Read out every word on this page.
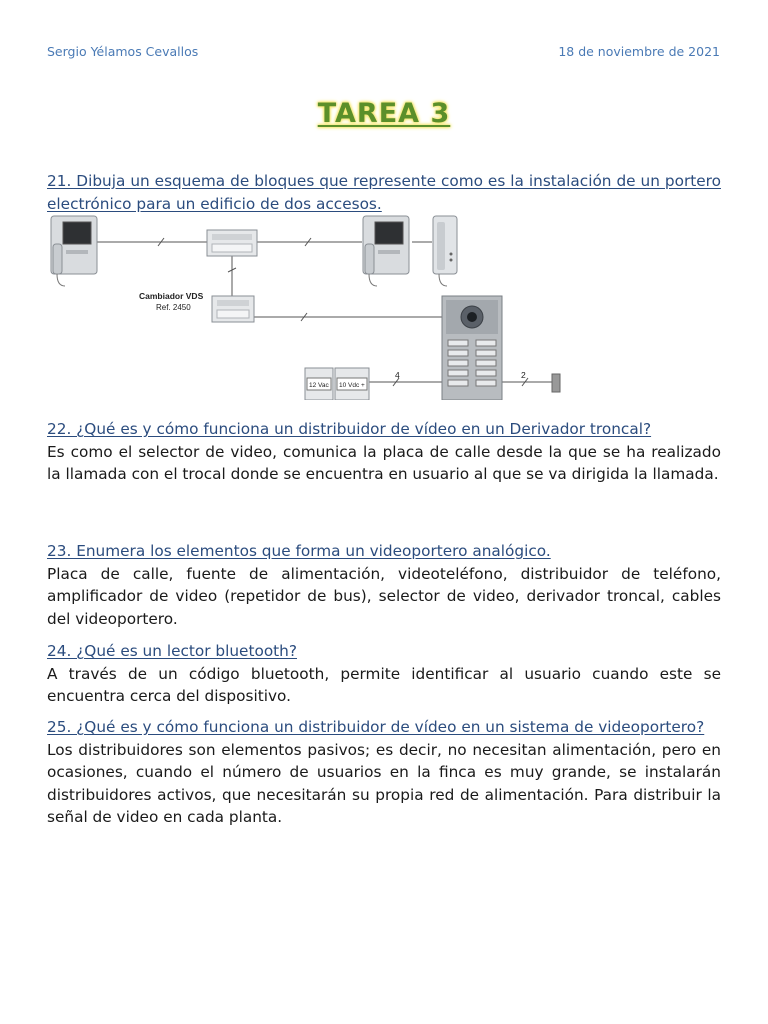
Sergio Yélamos Cevallos	18 de noviembre de 2021
TAREA 3

21. Dibuja un esquema de bloques que represente como es la instalación de un portero electrónico para un edificio de dos accesos.

Cambiador VDS
Ref. 2450
12 Vac 10 Vdc +
4	2

22. ¿Qué es y cómo funciona un distribuidor de vídeo en un Derivador troncal?

Es como el selector de video, comunica la placa de calle desde la que se ha realizado la llamada con el trocal donde se encuentra en usuario al que se va dirigida la llamada.

23. Enumera los elementos que forma un videoportero analógico.

Placa de calle, fuente de alimentación, videoteléfono, distribuidor de teléfono, amplificador de video (repetidor de bus), selector de video, derivador troncal, cables del videoportero.

24. ¿Qué es un lector bluetooth?

A través de un código bluetooth, permite identificar al usuario cuando este se encuentra cerca del dispositivo.

25. ¿Qué es y cómo funciona un distribuidor de vídeo en un sistema de videoportero?

Los distribuidores son elementos pasivos; es decir, no necesitan alimentación, pero en ocasiones, cuando el número de usuarios en la finca es muy grande, se instalarán distribuidores activos, que necesitarán su propia red de alimentación. Para distribuir la señal de video en cada planta.
